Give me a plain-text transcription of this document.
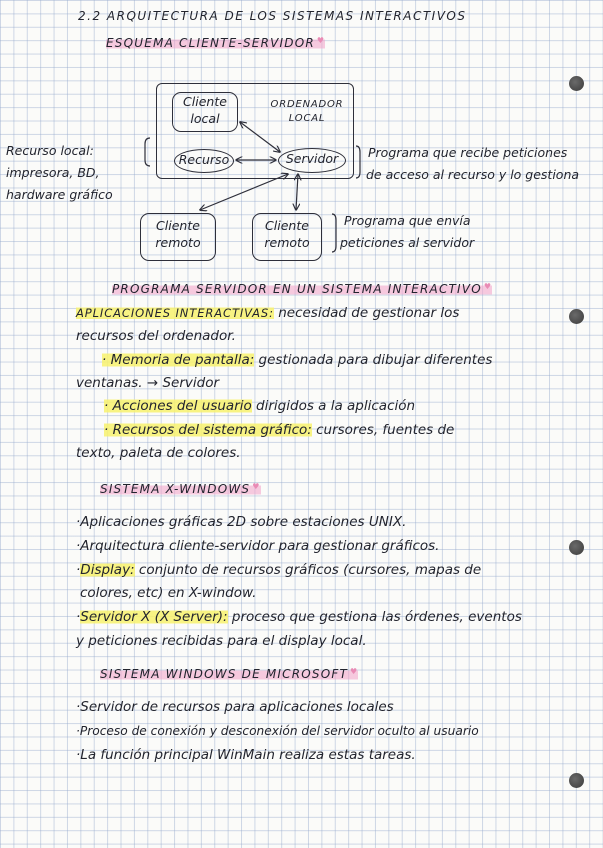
2.2 ARQUITECTURA DE LOS SISTEMAS INTERACTIVOS
ESQUEMA CLIENTE-SERVIDOR ♥
Cliente local
ORDENADOR LOCAL
Recurso	Servidor
Cliente remoto
Cliente remoto
Recurso local:
impresora, BD,
hardware gráfico
Programa que recibe peticiones
de acceso al recurso y lo gestiona
Programa que envía
peticiones al servidor
PROGRAMA SERVIDOR EN UN SISTEMA INTERACTIVO ♥
APLICACIONES INTERACTIVAS: necesidad de gestionar los
recursos del ordenador.
· Memoria de pantalla: gestionada para dibujar diferentes
ventanas. → Servidor
· Acciones del usuario dirigidos a la aplicación
· Recursos del sistema gráfico: cursores, fuentes de
texto, paleta de colores.
SISTEMA X-WINDOWS ♥
·Aplicaciones gráficas 2D sobre estaciones UNIX.
·Arquitectura cliente-servidor para gestionar gráficos.
·Display: conjunto de recursos gráficos (cursores, mapas de
colores, etc) en X-window.
·Servidor X (X Server): proceso que gestiona las órdenes, eventos
y peticiones recibidas para el display local.
SISTEMA WINDOWS DE MICROSOFT ♥
·Servidor de recursos para aplicaciones locales
·Proceso de conexión y desconexión del servidor oculto al usuario
·La función principal WinMain realiza estas tareas.
